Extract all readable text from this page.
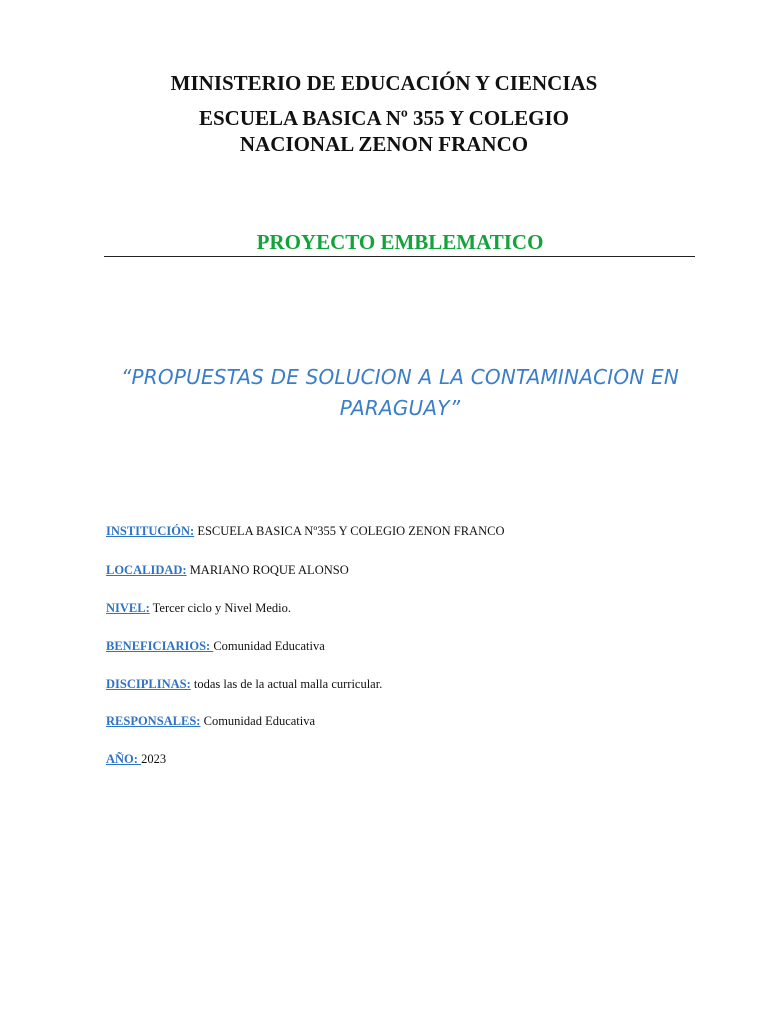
MINISTERIO DE EDUCACIÓN Y CIENCIAS
ESCUELA BASICA Nº 355 Y COLEGIO
NACIONAL ZENON FRANCO
PROYECTO EMBLEMATICO
“PROPUESTAS DE SOLUCION A LA CONTAMINACION EN
PARAGUAY”
INSTITUCIÓN: ESCUELA BASICA Nº355 Y COLEGIO ZENON FRANCO
LOCALIDAD: MARIANO ROQUE ALONSO
NIVEL: Tercer ciclo y Nivel Medio.
BENEFICIARIOS: Comunidad Educativa
DISCIPLINAS: todas las de la actual malla curricular.
RESPONSALES: Comunidad Educativa
AÑO: 2023
